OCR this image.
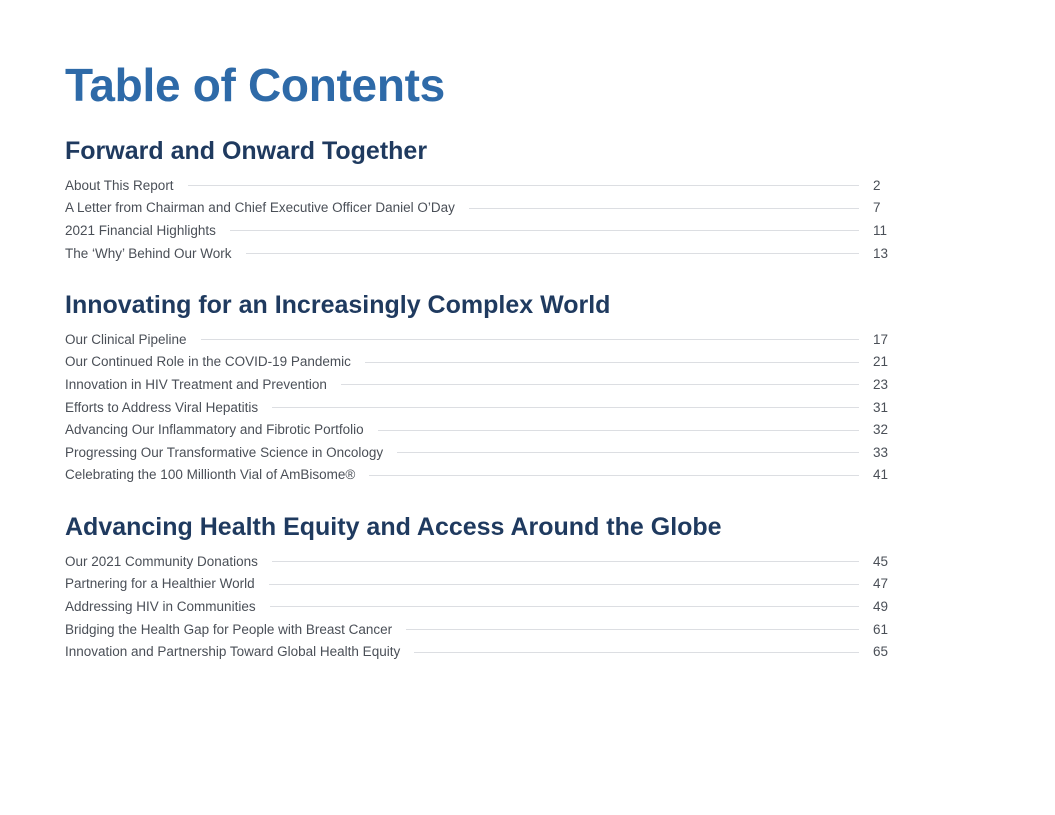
Table of Contents
Forward and Onward Together
About This Report	2
A Letter from Chairman and Chief Executive Officer Daniel O’Day	7
2021 Financial Highlights	11
The ‘Why’ Behind Our Work	13
Innovating for an Increasingly Complex World
Our Clinical Pipeline	17
Our Continued Role in the COVID-19 Pandemic	21
Innovation in HIV Treatment and Prevention	23
Efforts to Address Viral Hepatitis	31
Advancing Our Inflammatory and Fibrotic Portfolio	32
Progressing Our Transformative Science in Oncology	33
Celebrating the 100 Millionth Vial of AmBisome®	41
Advancing Health Equity and Access Around the Globe
Our 2021 Community Donations	45
Partnering for a Healthier World	47
Addressing HIV in Communities	49
Bridging the Health Gap for People with Breast Cancer	61
Innovation and Partnership Toward Global Health Equity	65
